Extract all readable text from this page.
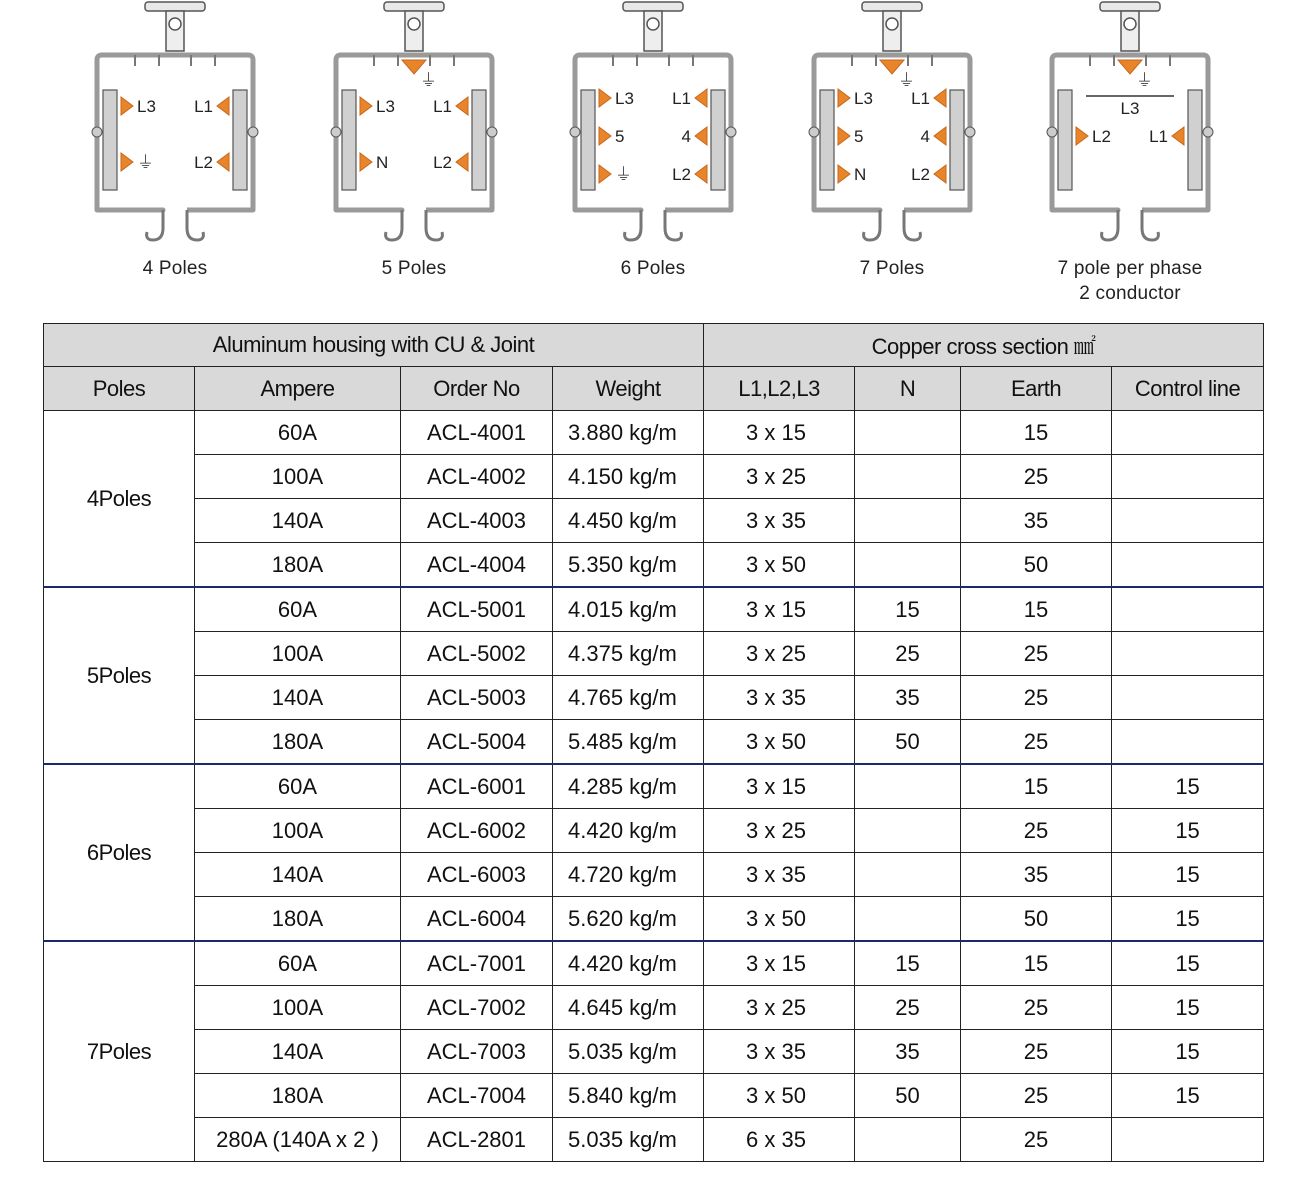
L3
⏚
L1
L2
4 Poles
L3
N
L1
L2
⏚
5 Poles
L3
5
⏚
L1
4
L2
6 Poles
L3
5
N
L1
4
L2
⏚
7 Poles
L2 L1
⏚
L3
7 pole per phase
2 conductor
Aluminum housing with CU & Joint				Copper cross section ㎟			
Poles	Ampere	Order No	Weight	L1,L2,L3	N	Earth	Control line
4Poles	60A	ACL-4001	3.880 kg/m	3 x 15		15	
	100A	ACL-4002	4.150 kg/m	3 x 25		25	
	140A	ACL-4003	4.450 kg/m	3 x 35		35	
	180A	ACL-4004	5.350 kg/m	3 x 50		50	
5Poles	60A	ACL-5001	4.015 kg/m	3 x 15	15	15	
	100A	ACL-5002	4.375 kg/m	3 x 25	25	25	
	140A	ACL-5003	4.765 kg/m	3 x 35	35	25	
	180A	ACL-5004	5.485 kg/m	3 x 50	50	25	
6Poles	60A	ACL-6001	4.285 kg/m	3 x 15		15	15
	100A	ACL-6002	4.420 kg/m	3 x 25		25	15
	140A	ACL-6003	4.720 kg/m	3 x 35		35	15
	180A	ACL-6004	5.620 kg/m	3 x 50		50	15
7Poles	60A	ACL-7001	4.420 kg/m	3 x 15	15	15	15
	100A	ACL-7002	4.645 kg/m	3 x 25	25	25	15
	140A	ACL-7003	5.035 kg/m	3 x 35	35	25	15
	180A	ACL-7004	5.840 kg/m	3 x 50	50	25	15
	280A (140A x 2 )	ACL-2801	5.035 kg/m	6 x 35		25	
